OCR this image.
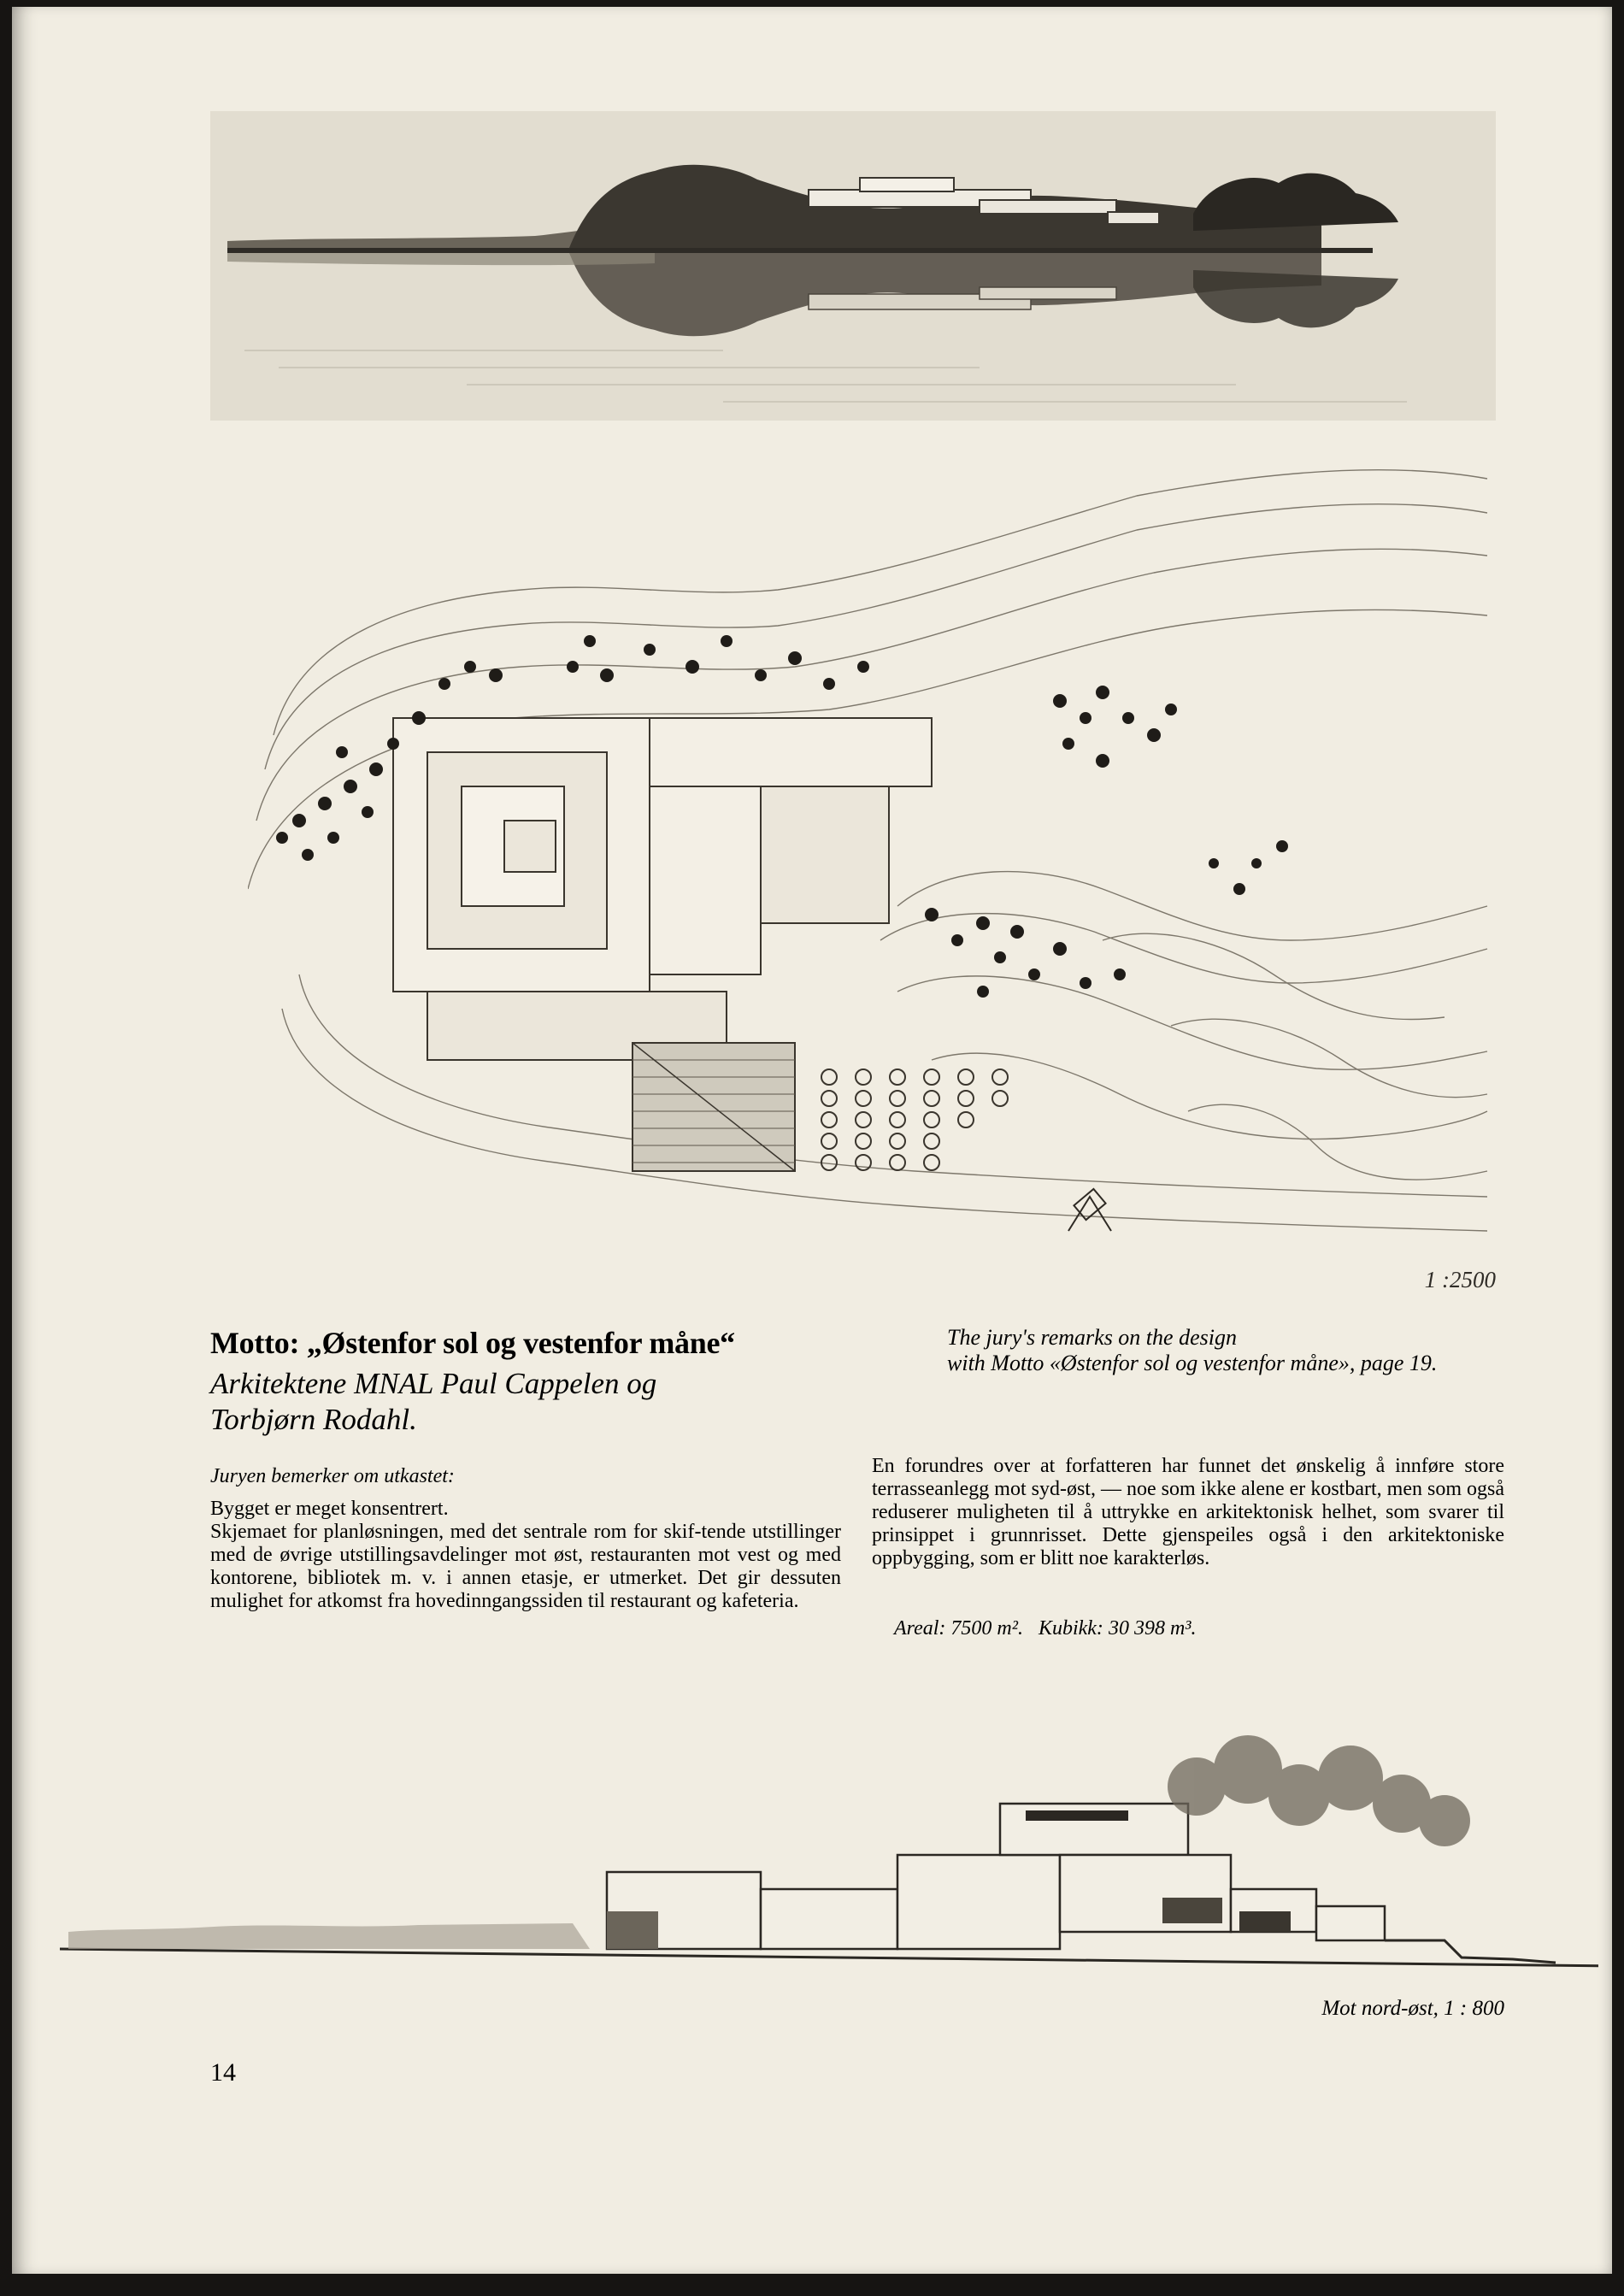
1 :2500
Motto: „Østenfor sol og vestenfor måne“
Arkitektene MNAL Paul Cappelen og Torbjørn Rodahl.
The jury's remarks on the design
with Motto «Østenfor sol og vestenfor måne», page 19.
Juryen bemerker om utkastet:

Bygget er meget konsentrert.

Skjemaet for planløsningen, med det sentrale rom for skif-tende utstillinger med de øvrige utstillingsavdelinger mot øst, restauranten mot vest og med kontorene, bibliotek m. v. i annen etasje, er utmerket. Det gir dessuten mulighet for atkomst fra hovedinngangssiden til restaurant og kafeteria.

En forundres over at forfatteren har funnet det ønskelig å innføre store terrasseanlegg mot syd-øst, — noe som ikke alene er kostbart, men som også reduserer muligheten til å uttrykke en arkitektonisk helhet, som svarer til prinsippet i grunnrisset. Dette gjenspeiles også i den arkitektoniske oppbygging, som er blitt noe karakterløs.

Areal: 7500 m².   Kubikk: 30 398 m³.
Mot nord-øst, 1 : 800
14
